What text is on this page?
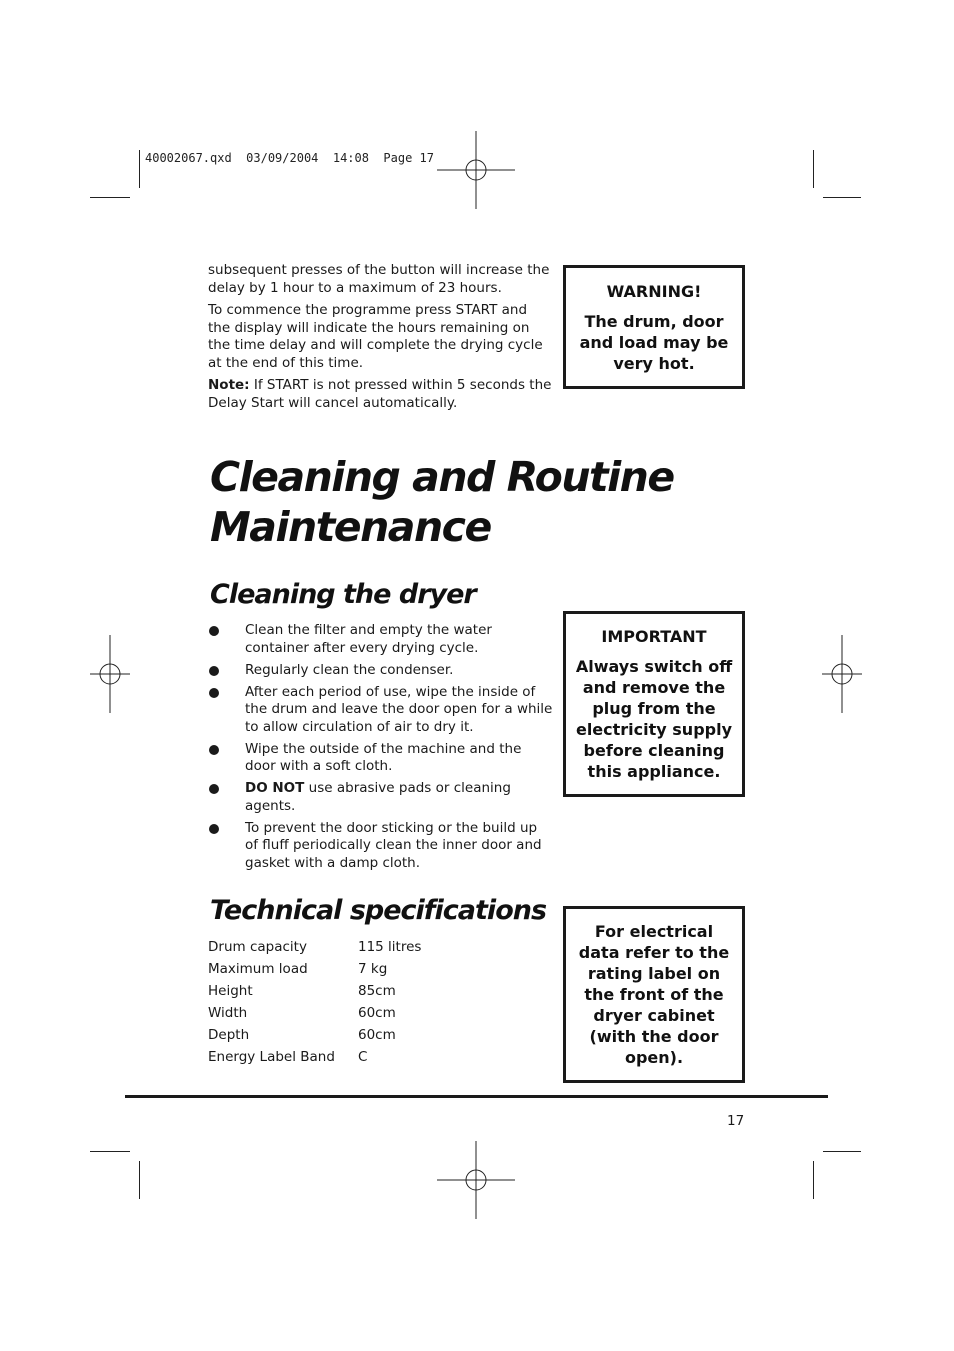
40002067.qxd  03/09/2004  14:08  Page 17

subsequent presses of the button will increase the delay by 1 hour to a maximum of 23 hours.

To commence the programme press START and the display will indicate the hours remaining on the time delay and will complete the drying cycle at the end of this time.

Note: If START is not pressed within 5 seconds the Delay Start will cancel automatically.

WARNING!
The drum, door and load may be very hot.
Cleaning and Routine Maintenance
Cleaning the dryer
Clean the filter and empty the water container after every drying cycle.
Regularly clean the condenser.
After each period of use, wipe the inside of the drum and leave the door open for a while to allow circulation of air to dry it.
Wipe the outside of the machine and the door with a soft cloth.
DO NOT use abrasive pads or cleaning agents.
To prevent the door sticking or the build up of fluff periodically clean the inner door and gasket with a damp cloth.
IMPORTANT
Always switch off and remove the plug from the electricity supply before cleaning this appliance.
Technical specifications
Drum capacity	115 litres
Maximum load	7 kg
Height	85cm
Width	60cm
Depth	60cm
Energy Label Band	C
For electrical data refer to the rating label on the front of the dryer cabinet (with the door open).
17
